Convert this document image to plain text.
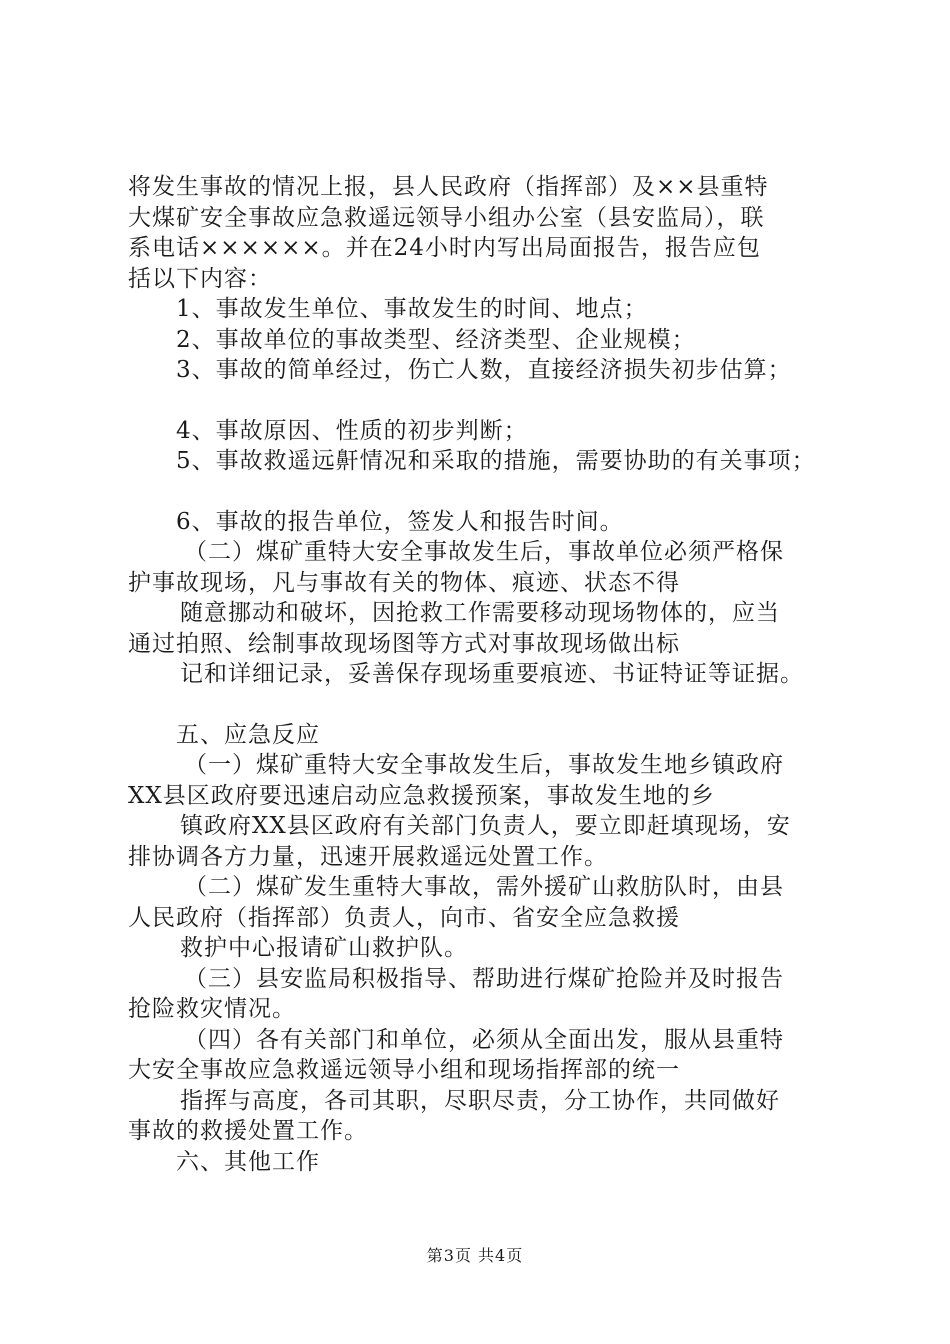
将发生事故的情况上报，县人民政府（指挥部）及××县重特
大煤矿安全事故应急救遥远领导小组办公室（县安监局），联
系电话××××××。并在24小时内写出局面报告，报告应包
括以下内容：
1、事故发生单位、事故发生的时间、地点；
2、事故单位的事故类型、经济类型、企业规模；
3、事故的简单经过，伤亡人数，直接经济损失初步估算；
4、事故原因、性质的初步判断；
5、事故救遥远鼾情况和采取的措施，需要协助的有关事项；
6、事故的报告单位，签发人和报告时间。
（二）煤矿重特大安全事故发生后，事故单位必须严格保
护事故现场，凡与事故有关的物体、痕迹、状态不得
随意挪动和破坏，因抢救工作需要移动现场物体的，应当
通过拍照、绘制事故现场图等方式对事故现场做出标
记和详细记录，妥善保存现场重要痕迹、书证特证等证据。
五、应急反应
（一）煤矿重特大安全事故发生后，事故发生地乡镇政府
XX县区政府要迅速启动应急救援预案，事故发生地的乡
镇政府XX县区政府有关部门负责人，要立即赶填现场，安
排协调各方力量，迅速开展救遥远处置工作。
（二）煤矿发生重特大事故，需外援矿山救肪队时，由县
人民政府（指挥部）负责人，向市、省安全应急救援
救护中心报请矿山救护队。
（三）县安监局积极指导、帮助进行煤矿抢险并及时报告
抢险救灾情况。
（四）各有关部门和单位，必须从全面出发，服从县重特
大安全事故应急救遥远领导小组和现场指挥部的统一
指挥与高度，各司其职，尽职尽责，分工协作，共同做好
事故的救援处置工作。
六、其他工作
第3页 共4页
